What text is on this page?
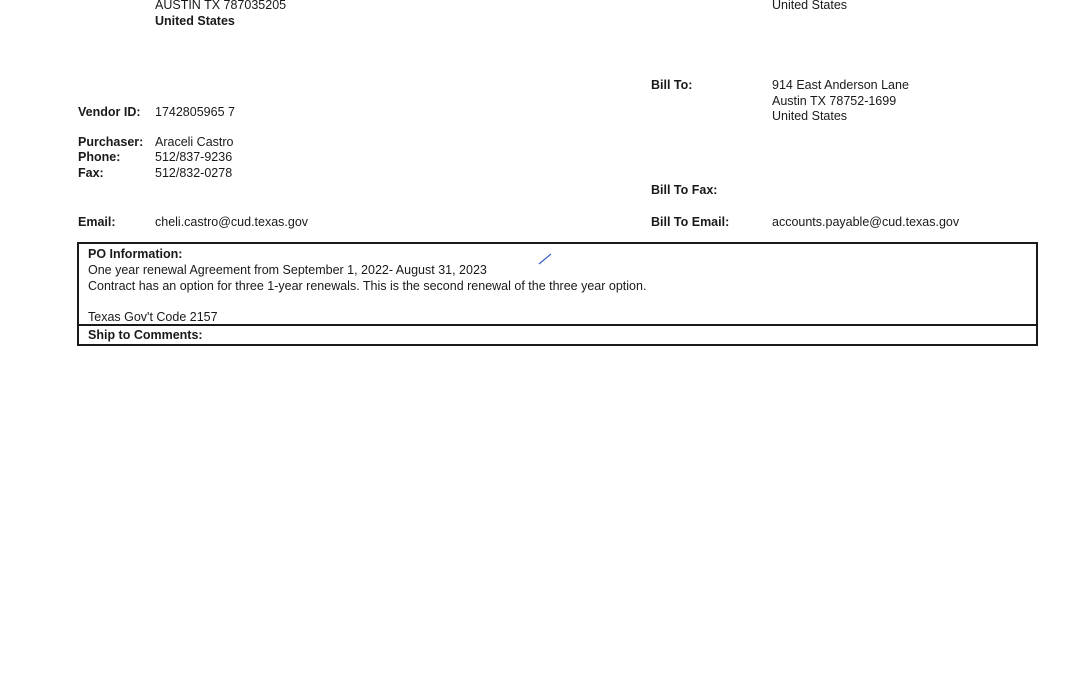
AUSTIN TX 787035205
United States
United States
Vendor ID: 1742805965 7
Purchaser: Araceli Castro
Phone:	512/837-9236
Fax:	512/832-0278
Email:	cheli.castro@cud.texas.gov
Bill To:	914 East Anderson Lane
Austin TX 78752-1699
United States
Bill To Fax:
Bill To Email:	accounts.payable@cud.texas.gov
PO Information:
One year renewal Agreement from September 1, 2022- August 31, 2023
Contract has an option for three 1-year renewals. This is the second renewal of the three year option.
Texas Gov't Code 2157
Ship to Comments:
